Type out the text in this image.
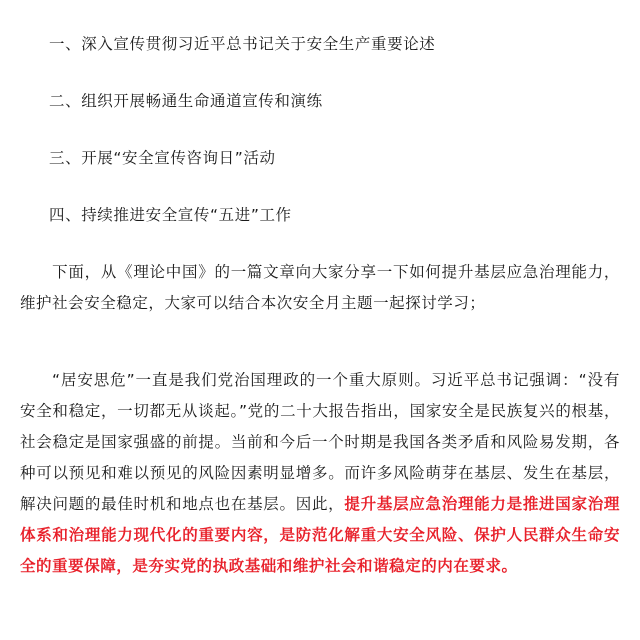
一、深入宣传贯彻习近平总书记关于安全生产重要论述
二、组织开展畅通生命通道宣传和演练
三、开展“安全宣传咨询日”活动
四、持续推进安全宣传“五进”工作
下面，从《理论中国》的一篇文章向大家分享一下如何提升基层应急治理能力，维护社会安全稳定，大家可以结合本次安全月主题一起探讨学习；
“居安思危”一直是我们党治国理政的一个重大原则。习近平总书记强调：“没有安全和稳定，一切都无从谈起。”党的二十大报告指出，国家安全是民族复兴的根基，社会稳定是国家强盛的前提。当前和今后一个时期是我国各类矛盾和风险易发期，各种可以预见和难以预见的风险因素明显增多。而许多风险萌芽在基层、发生在基层，解决问题的最佳时机和地点也在基层。因此，提升基层应急治理能力是推进国家治理体系和治理能力现代化的重要内容，是防范化解重大安全风险、保护人民群众生命安全的重要保障，是夯实党的执政基础和维护社会和谐稳定的内在要求。
